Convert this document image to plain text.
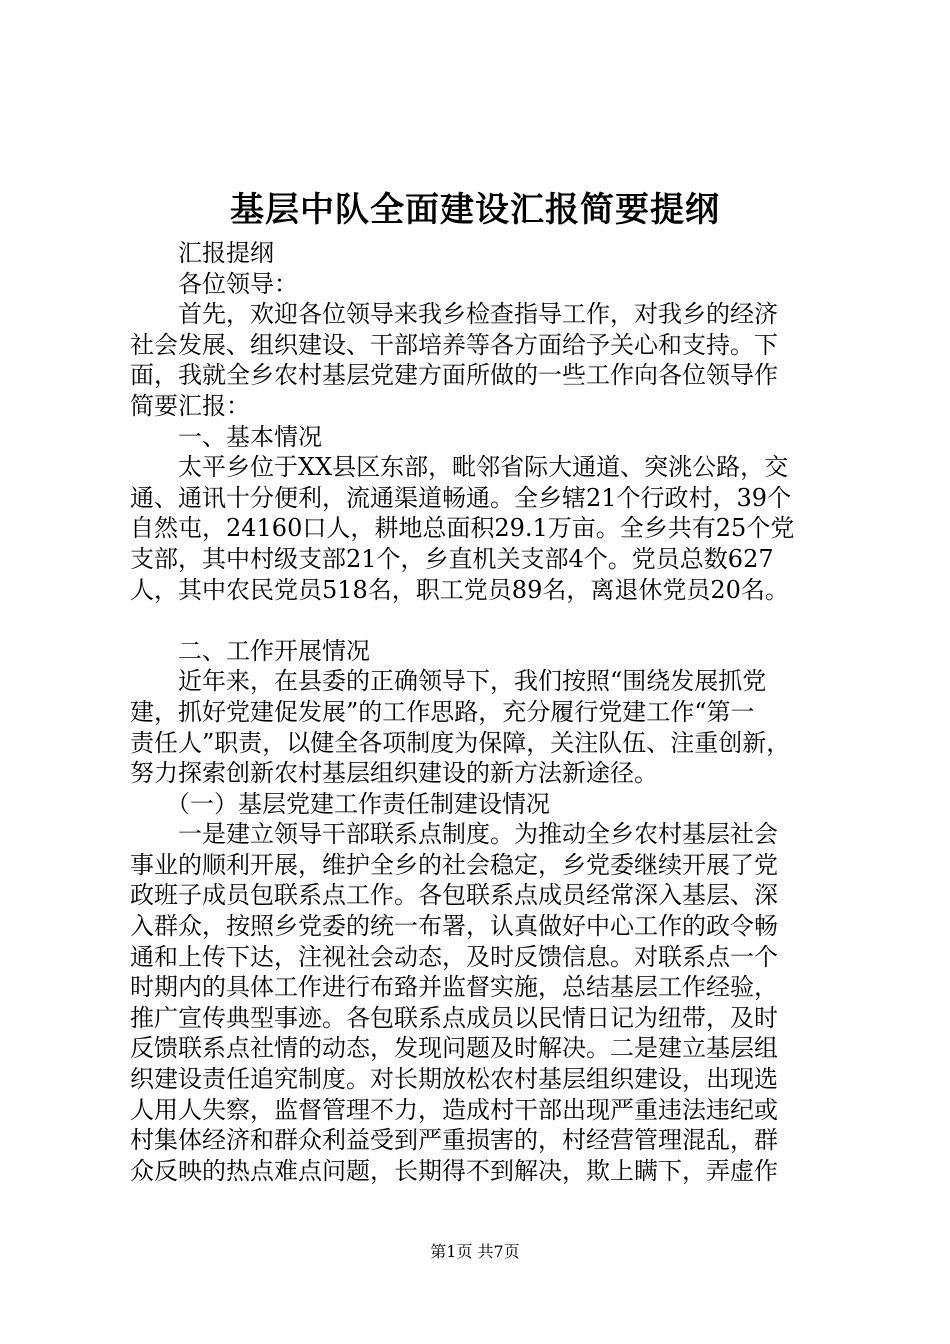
基层中队全面建设汇报简要提纲
　　汇报提纲
　　各位领导：
　　首先，欢迎各位领导来我乡检查指导工作，对我乡的经济
社会发展、组织建设、干部培养等各方面给予关心和支持。下
面，我就全乡农村基层党建方面所做的一些工作向各位领导作
简要汇报：
　　一、基本情况
　　太平乡位于XX县区东部，毗邻省际大通道、突洮公路，交
通、通讯十分便利，流通渠道畅通。全乡辖21个行政村，39个
自然屯，24160口人，耕地总面积29.1万亩。全乡共有25个党
支部，其中村级支部21个，乡直机关支部4个。党员总数627
人，其中农民党员518名，职工党员89名，离退休党员20名。
　　二、工作开展情况
　　近年来，在县委的正确领导下，我们按照“围绕发展抓党
建，抓好党建促发展”的工作思路，充分履行党建工作“第一
责任人”职责，以健全各项制度为保障，关注队伍、注重创新，
努力探索创新农村基层组织建设的新方法新途径。
　　（一）基层党建工作责任制建设情况
　　一是建立领导干部联系点制度。为推动全乡农村基层社会
事业的顺利开展，维护全乡的社会稳定，乡党委继续开展了党
政班子成员包联系点工作。各包联系点成员经常深入基层、深
入群众，按照乡党委的统一布署，认真做好中心工作的政令畅
通和上传下达，注视社会动态，及时反馈信息。对联系点一个
时期内的具体工作进行布臵并监督实施，总结基层工作经验，
推广宣传典型事迹。各包联系点成员以民情日记为纽带，及时
反馈联系点社情的动态，发现问题及时解决。二是建立基层组
织建设责任追究制度。对长期放松农村基层组织建设，出现选
人用人失察，监督管理不力，造成村干部出现严重违法违纪或
村集体经济和群众利益受到严重损害的，村经营管理混乱，群
众反映的热点难点问题，长期得不到解决，欺上瞒下，弄虚作
第1页 共7页
